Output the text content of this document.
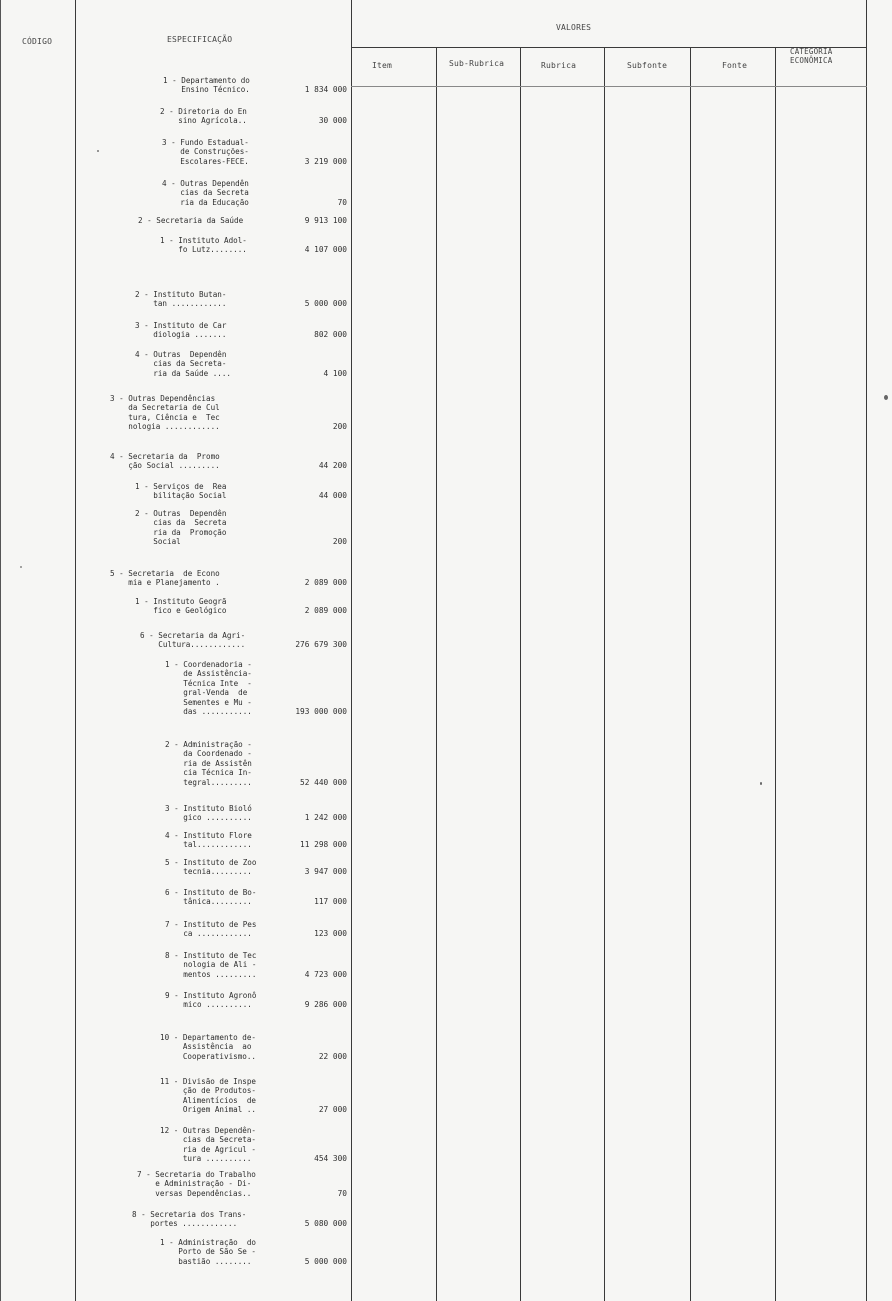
CÓDIGO	ESPECIFICAÇÃO
VALORES
Item	Sub-Rubrica	Rubrica	Subfonte	Fonte
CATEGORIA
ECONÔMICA
1 - Departamento do
Ensino Técnico.	1 834 000
2 - Diretoria do En
sino Agrícola..	30 000
3 - Fundo Estadual-
de Construções-
Escolares-FECE.	3 219 000
4 - Outras Dependên
cias da Secreta
ria da Educação	70
2 - Secretaria da Saúde	9 913 100
1 - Instituto Adol-
fo Lutz........	4 107 000
2 - Instituto Butan-
tan ............	5 000 000
3 - Instituto de Car
diologia .......	802 000
4 - Outras  Dependên
cias da Secreta-
ria da Saúde ....	4 100
3 - Outras Dependências
da Secretaria de Cul
tura, Ciência e  Tec
nologia ............	200
4 - Secretaria da  Promo
ção Social .........	44 200
1 - Serviços de  Rea
bilitação Social	44 000
2 - Outras  Dependên
cias da  Secreta
ria da  Promoção
Social	200
5 - Secretaria  de Econo
mia e Planejamento .	2 089 000
1 - Instituto Geogrã
fico e Geológico	2 089 000
6 - Secretaria da Agri-
Cultura............	276 679 300
1 - Coordenadoria -
de Assistência-
Técnica Inte  -
gral-Venda  de
Sementes e Mu -
das ...........	193 000 000
2 - Administração -
da Coordenado -
ria de Assistên
cia Técnica In-
tegral.........	52 440 000
3 - Instituto Bioló
gico ..........	1 242 000
4 - Instituto Flore
tal............	11 298 000
5 - Instituto de Zoo
tecnia.........	3 947 000
6 - Instituto de Bo-
tânica.........	117 000
7 - Instituto de Pes
ca ............	123 000
8 - Instituto de Tec
nologia de Ali -
mentos .........	4 723 000
9 - Instituto Agronô
mico ..........	9 286 000
10 - Departamento de-
Assistência  ao
Cooperativismo..	22 000
11 - Divisão de Inspe
ção de Produtos-
Alimentícios  de
Origem Animal ..	27 000
12 - Outras Dependên-
cias da Secreta-
ria de Agricul -
tura ..........	454 300
7 - Secretaria do Trabalho
e Administração - Di-
versas Dependências..	70
8 - Secretaria dos Trans-
portes ............	5 080 000
1 - Administração  do
Porto de São Se -
bastião ........	5 000 000
